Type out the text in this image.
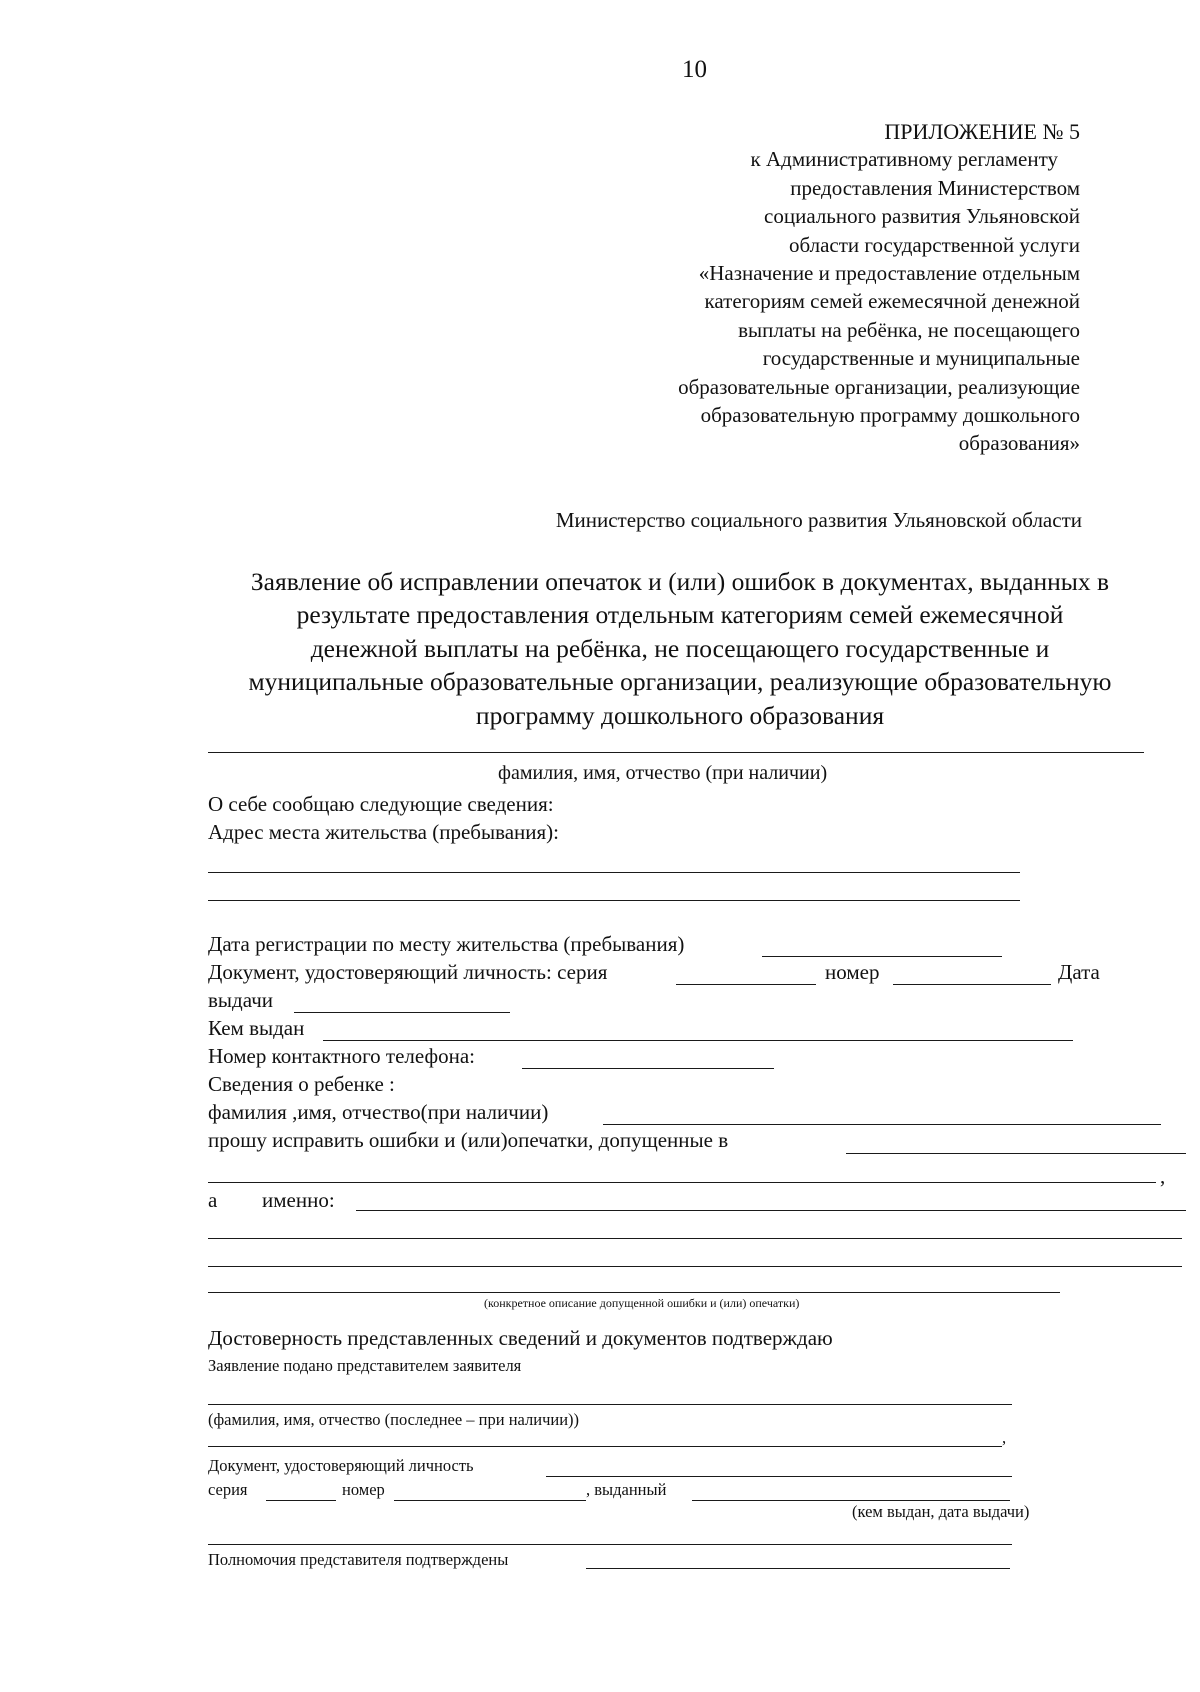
10
ПРИЛОЖЕНИЕ № 5
к Административному регламенту
предоставления Министерством
социального развития Ульяновской
области государственной услуги
«Назначение и предоставление отдельным
категориям семей ежемесячной денежной
выплаты на ребёнка, не посещающего
государственные и муниципальные
образовательные организации, реализующие
образовательную программу дошкольного
образования»
Министерство социального развития Ульяновской области
Заявление об исправлении опечаток и (или) ошибок в документах, выданных в
результате предоставления отдельным категориям семей ежемесячной
денежной выплаты на ребёнка, не посещающего государственные и
муниципальные образовательные организации, реализующие образовательную
программу дошкольного образования
фамилия, имя, отчество (при наличии)
О себе сообщаю следующие сведения:
Адрес места жительства (пребывания):
Дата регистрации по месту жительства (пребывания)
Документ, удостоверяющий личность: серия	номер	Дата
выдачи
Кем выдан
Номер контактного телефона:
Сведения о ребенке :
фамилия ,имя, отчество(при наличии)
прошу исправить ошибки и (или)опечатки, допущенные в
,
а именно:
(конкретное описание допущенной ошибки и (или) опечатки)
Достоверность представленных сведений и документов подтверждаю
Заявление подано представителем заявителя
(фамилия, имя, отчество (последнее – при наличии))
,
Документ, удостоверяющий личность
серия	номер	, выданный
(кем выдан, дата выдачи)
Полномочия представителя подтверждены
